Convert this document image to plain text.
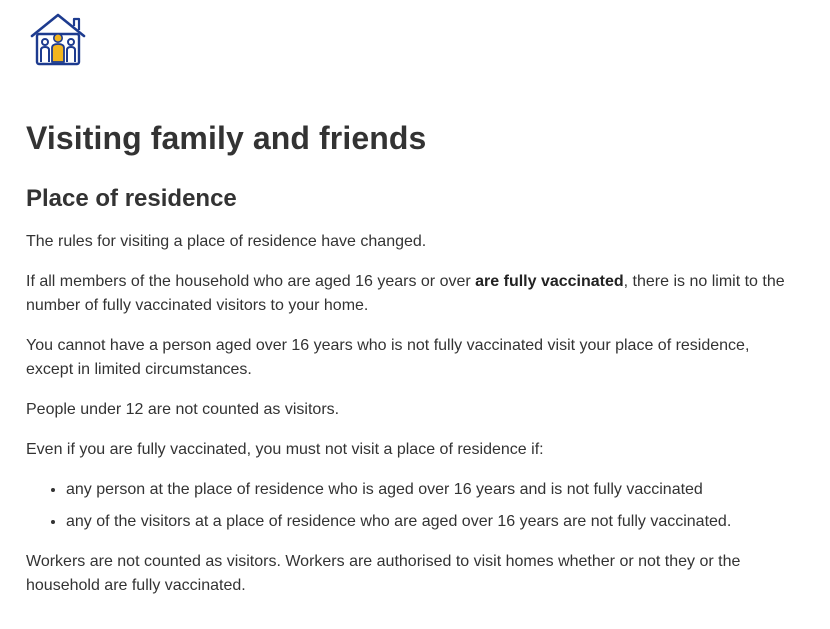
Visiting family and friends
Place of residence

The rules for visiting a place of residence have changed.

If all members of the household who are aged 16 years or over are fully vaccinated, there is no limit to the number of fully vaccinated visitors to your home.

You cannot have a person aged over 16 years who is not fully vaccinated visit your place of residence, except in limited circumstances.

People under 12 are not counted as visitors.

Even if you are fully vaccinated, you must not visit a place of residence if:

• any person at the place of residence who is aged over 16 years and is not fully vaccinated
• any of the visitors at a place of residence who are aged over 16 years are not fully vaccinated.

Workers are not counted as visitors. Workers are authorised to visit homes whether or not they or the household are fully vaccinated.
